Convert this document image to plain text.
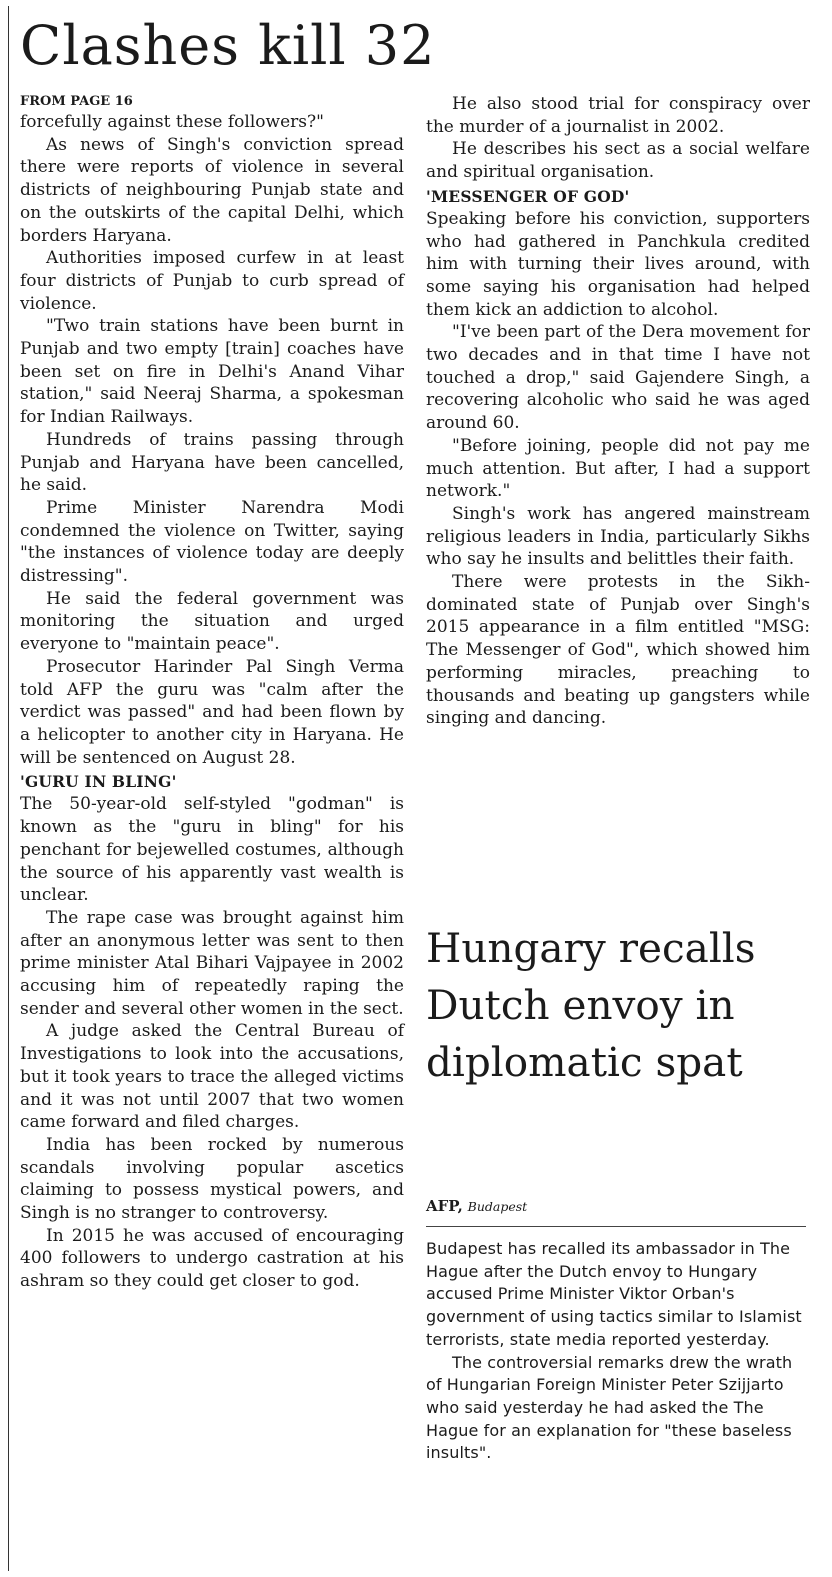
Clashes kill 32
FROM PAGE 16

forcefully against these followers?"

As news of Singh's conviction spread there were reports of violence in several districts of neighbouring Punjab state and on the outskirts of the capital Delhi, which borders Haryana.

Authorities imposed curfew in at least four districts of Punjab to curb spread of violence.

"Two train stations have been burnt in Punjab and two empty [train] coaches have been set on fire in Delhi's Anand Vihar station," said Neeraj Sharma, a spokesman for Indian Railways.

Hundreds of trains passing through Punjab and Haryana have been cancelled, he said.

Prime Minister Narendra Modi condemned the violence on Twitter, saying "the instances of violence today are deeply distressing".

He said the federal government was monitoring the situation and urged everyone to "maintain peace".

Prosecutor Harinder Pal Singh Verma told AFP the guru was "calm after the verdict was passed" and had been flown by a helicopter to another city in Haryana. He will be sentenced on August 28.

'GURU IN BLING'

The 50-year-old self-styled "godman" is known as the "guru in bling" for his penchant for bejewelled costumes, although the source of his apparently vast wealth is unclear.

The rape case was brought against him after an anonymous letter was sent to then prime minister Atal Bihari Vajpayee in 2002 accusing him of repeatedly raping the sender and several other women in the sect.

A judge asked the Central Bureau of Investigations to look into the accusations, but it took years to trace the alleged victims and it was not until 2007 that two women came forward and filed charges.

India has been rocked by numerous scandals involving popular ascetics claiming to possess mystical powers, and Singh is no stranger to controversy.

In 2015 he was accused of encouraging 400 followers to undergo castration at his ashram so they could get closer to god.

He also stood trial for conspiracy over the murder of a journalist in 2002.

He describes his sect as a social welfare and spiritual organisation.

'MESSENGER OF GOD'

Speaking before his conviction, supporters who had gathered in Panchkula credited him with turning their lives around, with some saying his organisation had helped them kick an addiction to alcohol.

"I've been part of the Dera movement for two decades and in that time I have not touched a drop," said Gajendere Singh, a recovering alcoholic who said he was aged around 60.

"Before joining, people did not pay me much attention. But after, I had a support network."

Singh's work has angered mainstream religious leaders in India, particularly Sikhs who say he insults and belittles their faith.

There were protests in the Sikh-dominated state of Punjab over Singh's 2015 appearance in a film entitled "MSG: The Messenger of God", which showed him performing miracles, preaching to thousands and beating up gangsters while singing and dancing.

Hungary recalls Dutch envoy in diplomatic spat
AFP, Budapest

Budapest has recalled its ambassador in The Hague after the Dutch envoy to Hungary accused Prime Minister Viktor Orban's government of using tactics similar to Islamist terrorists, state media reported yesterday.

The controversial remarks drew the wrath of Hungarian Foreign Minister Peter Szijjarto who said yesterday he had asked the The Hague for an explanation for "these baseless insults".
